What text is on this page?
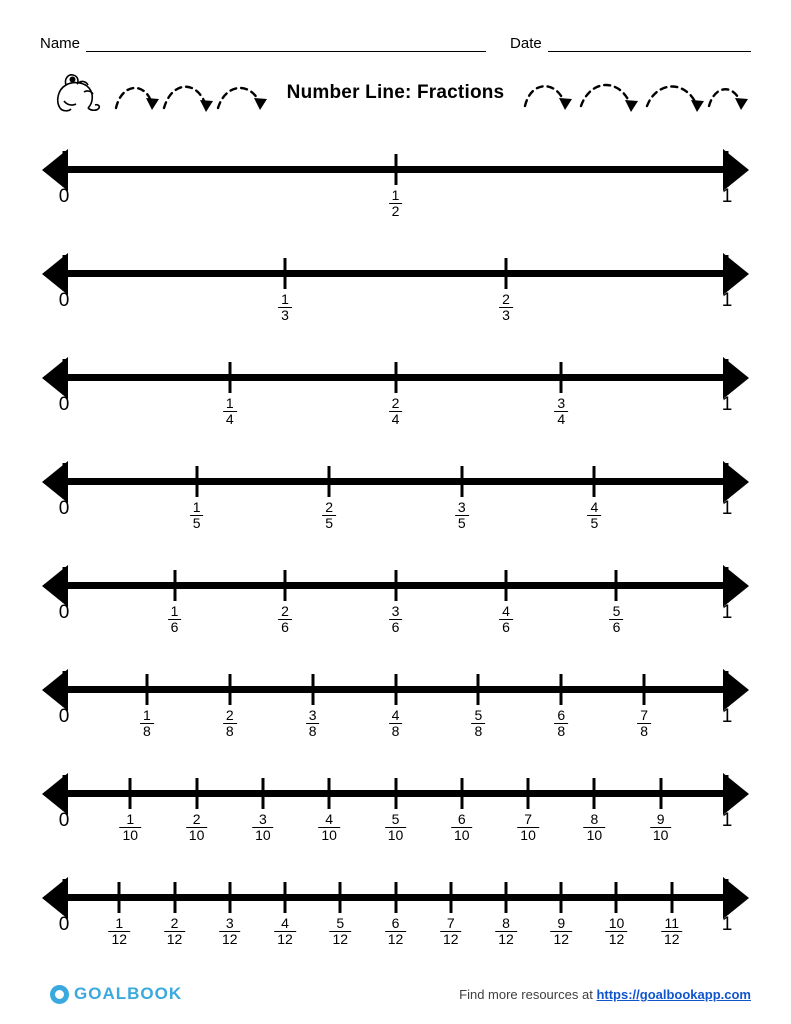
Name	Date
Number Line: Fractions
0	$\frac{1}{2}$	1
0	$\frac{1}{3}$	$\frac{2}{3}$	1
0	$\frac{1}{4}$	$\frac{2}{4}$	$\frac{3}{4}$	1
0	$\frac{1}{5}$	$\frac{2}{5}$	$\frac{3}{5}$	$\frac{4}{5}$	1
0	$\frac{1}{6}$	$\frac{2}{6}$	$\frac{3}{6}$	$\frac{4}{6}$	$\frac{5}{6}$	1
0	$\frac{1}{8}$	$\frac{2}{8}$	$\frac{3}{8}$	$\frac{4}{8}$	$\frac{5}{8}$	$\frac{6}{8}$	$\frac{7}{8}$	1
0	$\frac{1}{10}$	$\frac{2}{10}$	$\frac{3}{10}$	$\frac{4}{10}$	$\frac{5}{10}$	$\frac{6}{10}$	$\frac{7}{10}$	$\frac{8}{10}$	$\frac{9}{10}$	1
0	$\frac{1}{12} \frac{2}{12} \frac{3}{12} \frac{4}{12} \frac{5}{12} \frac{6}{12} \frac{7}{12} \frac{8}{12} \frac{9}{12} \frac{10}{12} \frac{11}{12} 1$
GOALBOOK	Find more resources at https://goalbookapp.com
